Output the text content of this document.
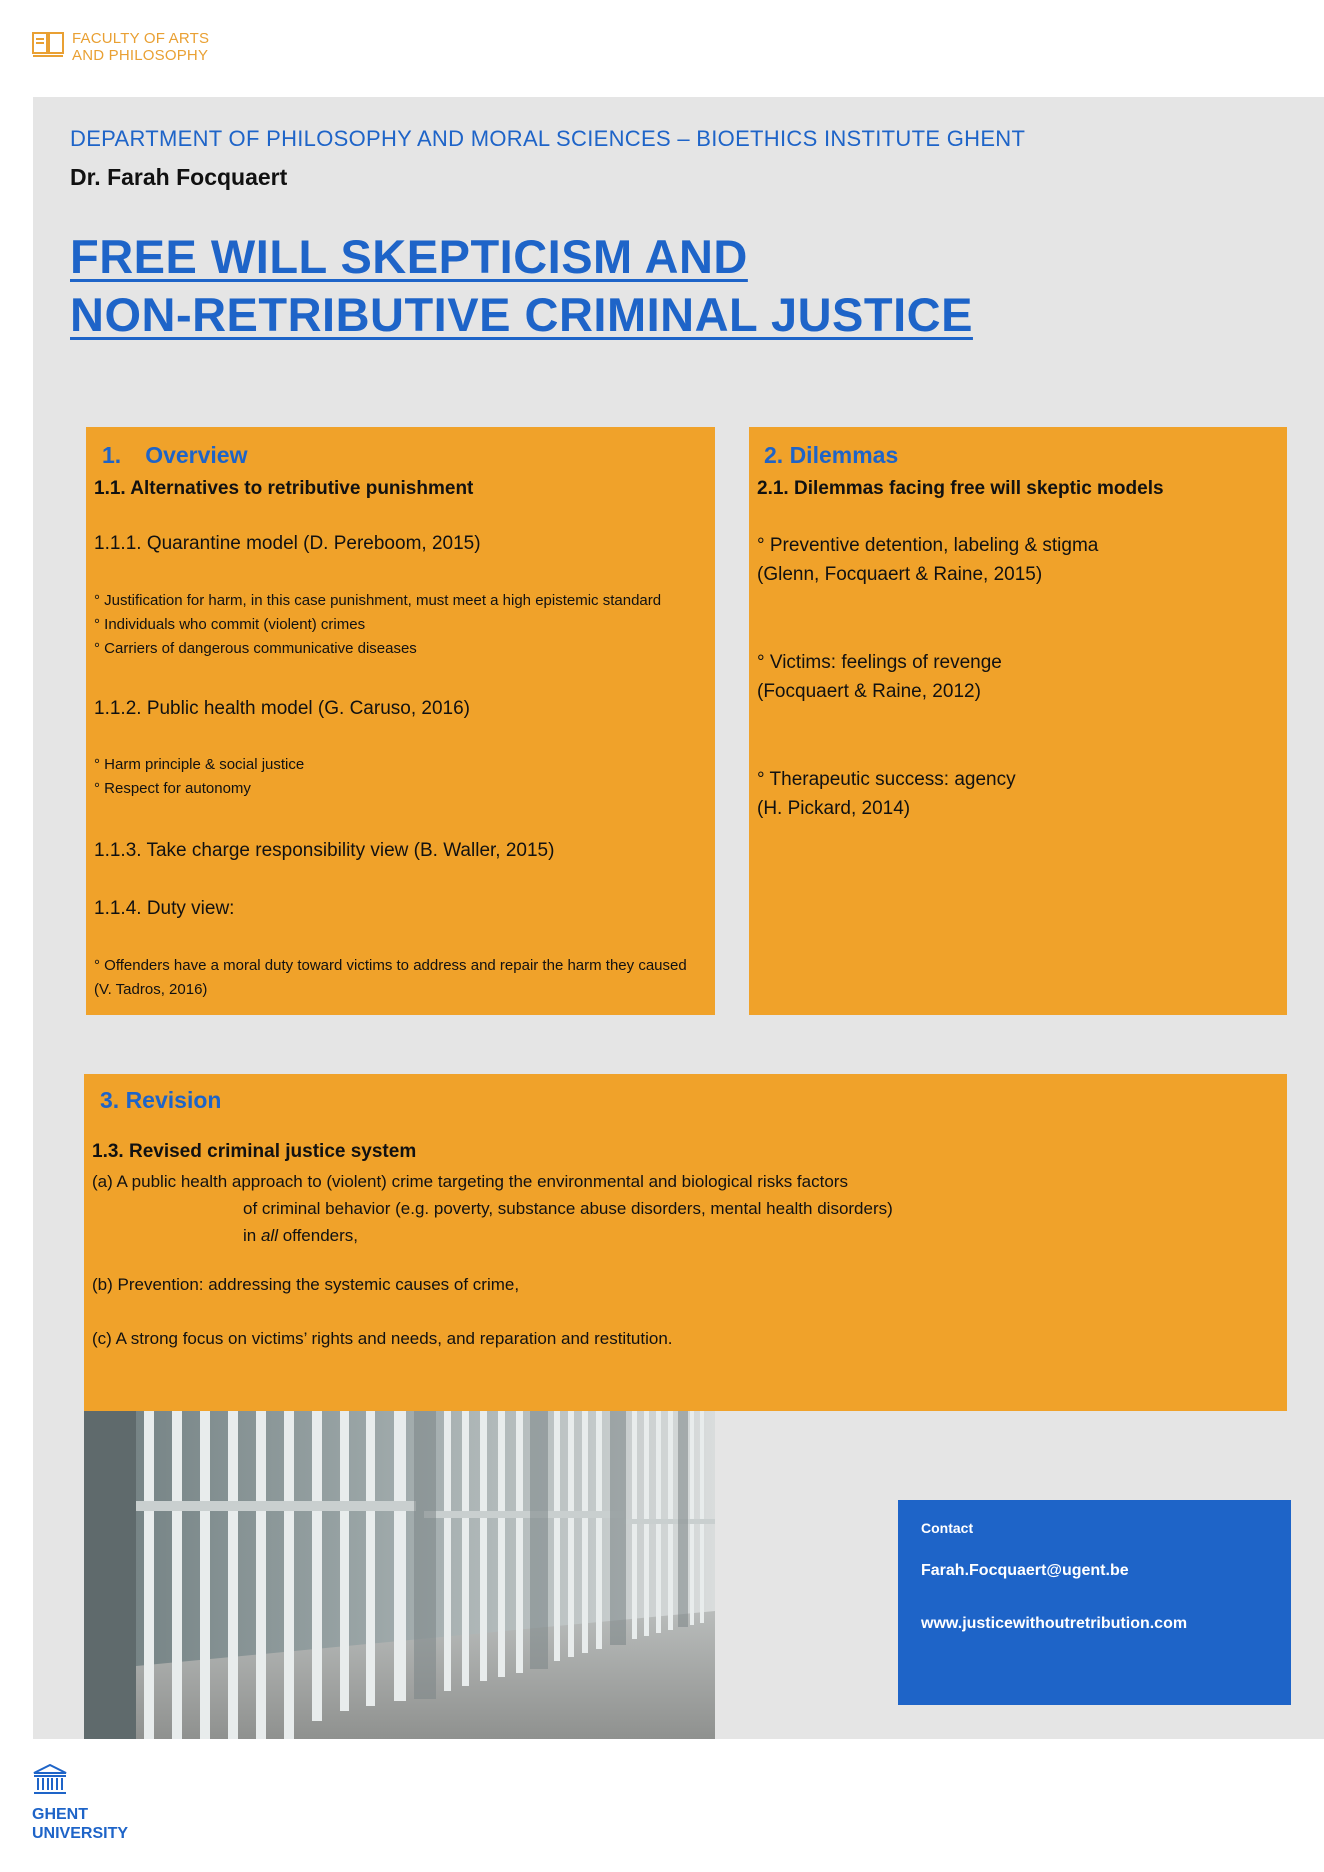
FACULTY OF ARTS
AND PHILOSOPHY
DEPARTMENT OF PHILOSOPHY AND MORAL SCIENCES – BIOETHICS INSTITUTE GHENT
Dr. Farah Focquaert
FREE WILL SKEPTICISM AND
NON-RETRIBUTIVE CRIMINAL JUSTICE
1. Overview
1.1. Alternatives to retributive punishment
1.1.1. Quarantine model (D. Pereboom, 2015)
° Justification for harm, in this case punishment, must meet a high epistemic standard
° Individuals who commit (violent) crimes
° Carriers of dangerous communicative diseases
1.1.2. Public health model (G. Caruso, 2016)
° Harm principle & social justice
° Respect for autonomy
1.1.3. Take charge responsibility view (B. Waller, 2015)
1.1.4. Duty view:
° Offenders have a moral duty toward victims to address and repair the harm they caused
(V. Tadros, 2016)
2. Dilemmas
2.1. Dilemmas facing free will skeptic models
° Preventive detention, labeling & stigma
(Glenn, Focquaert & Raine, 2015)
° Victims: feelings of revenge
(Focquaert & Raine, 2012)
° Therapeutic success: agency
(H. Pickard, 2014)
3. Revision
1.3. Revised criminal justice system
(a) A public health approach to (violent) crime targeting the environmental and biological risks factors
of criminal behavior (e.g. poverty, substance abuse disorders, mental health disorders)
in all offenders,
(b) Prevention: addressing the systemic causes of crime,
(c) A strong focus on victims’ rights and needs, and reparation and restitution.
Contact
Farah.Focquaert@ugent.be
www.justicewithoutretribution.com
GHENT
UNIVERSITY
